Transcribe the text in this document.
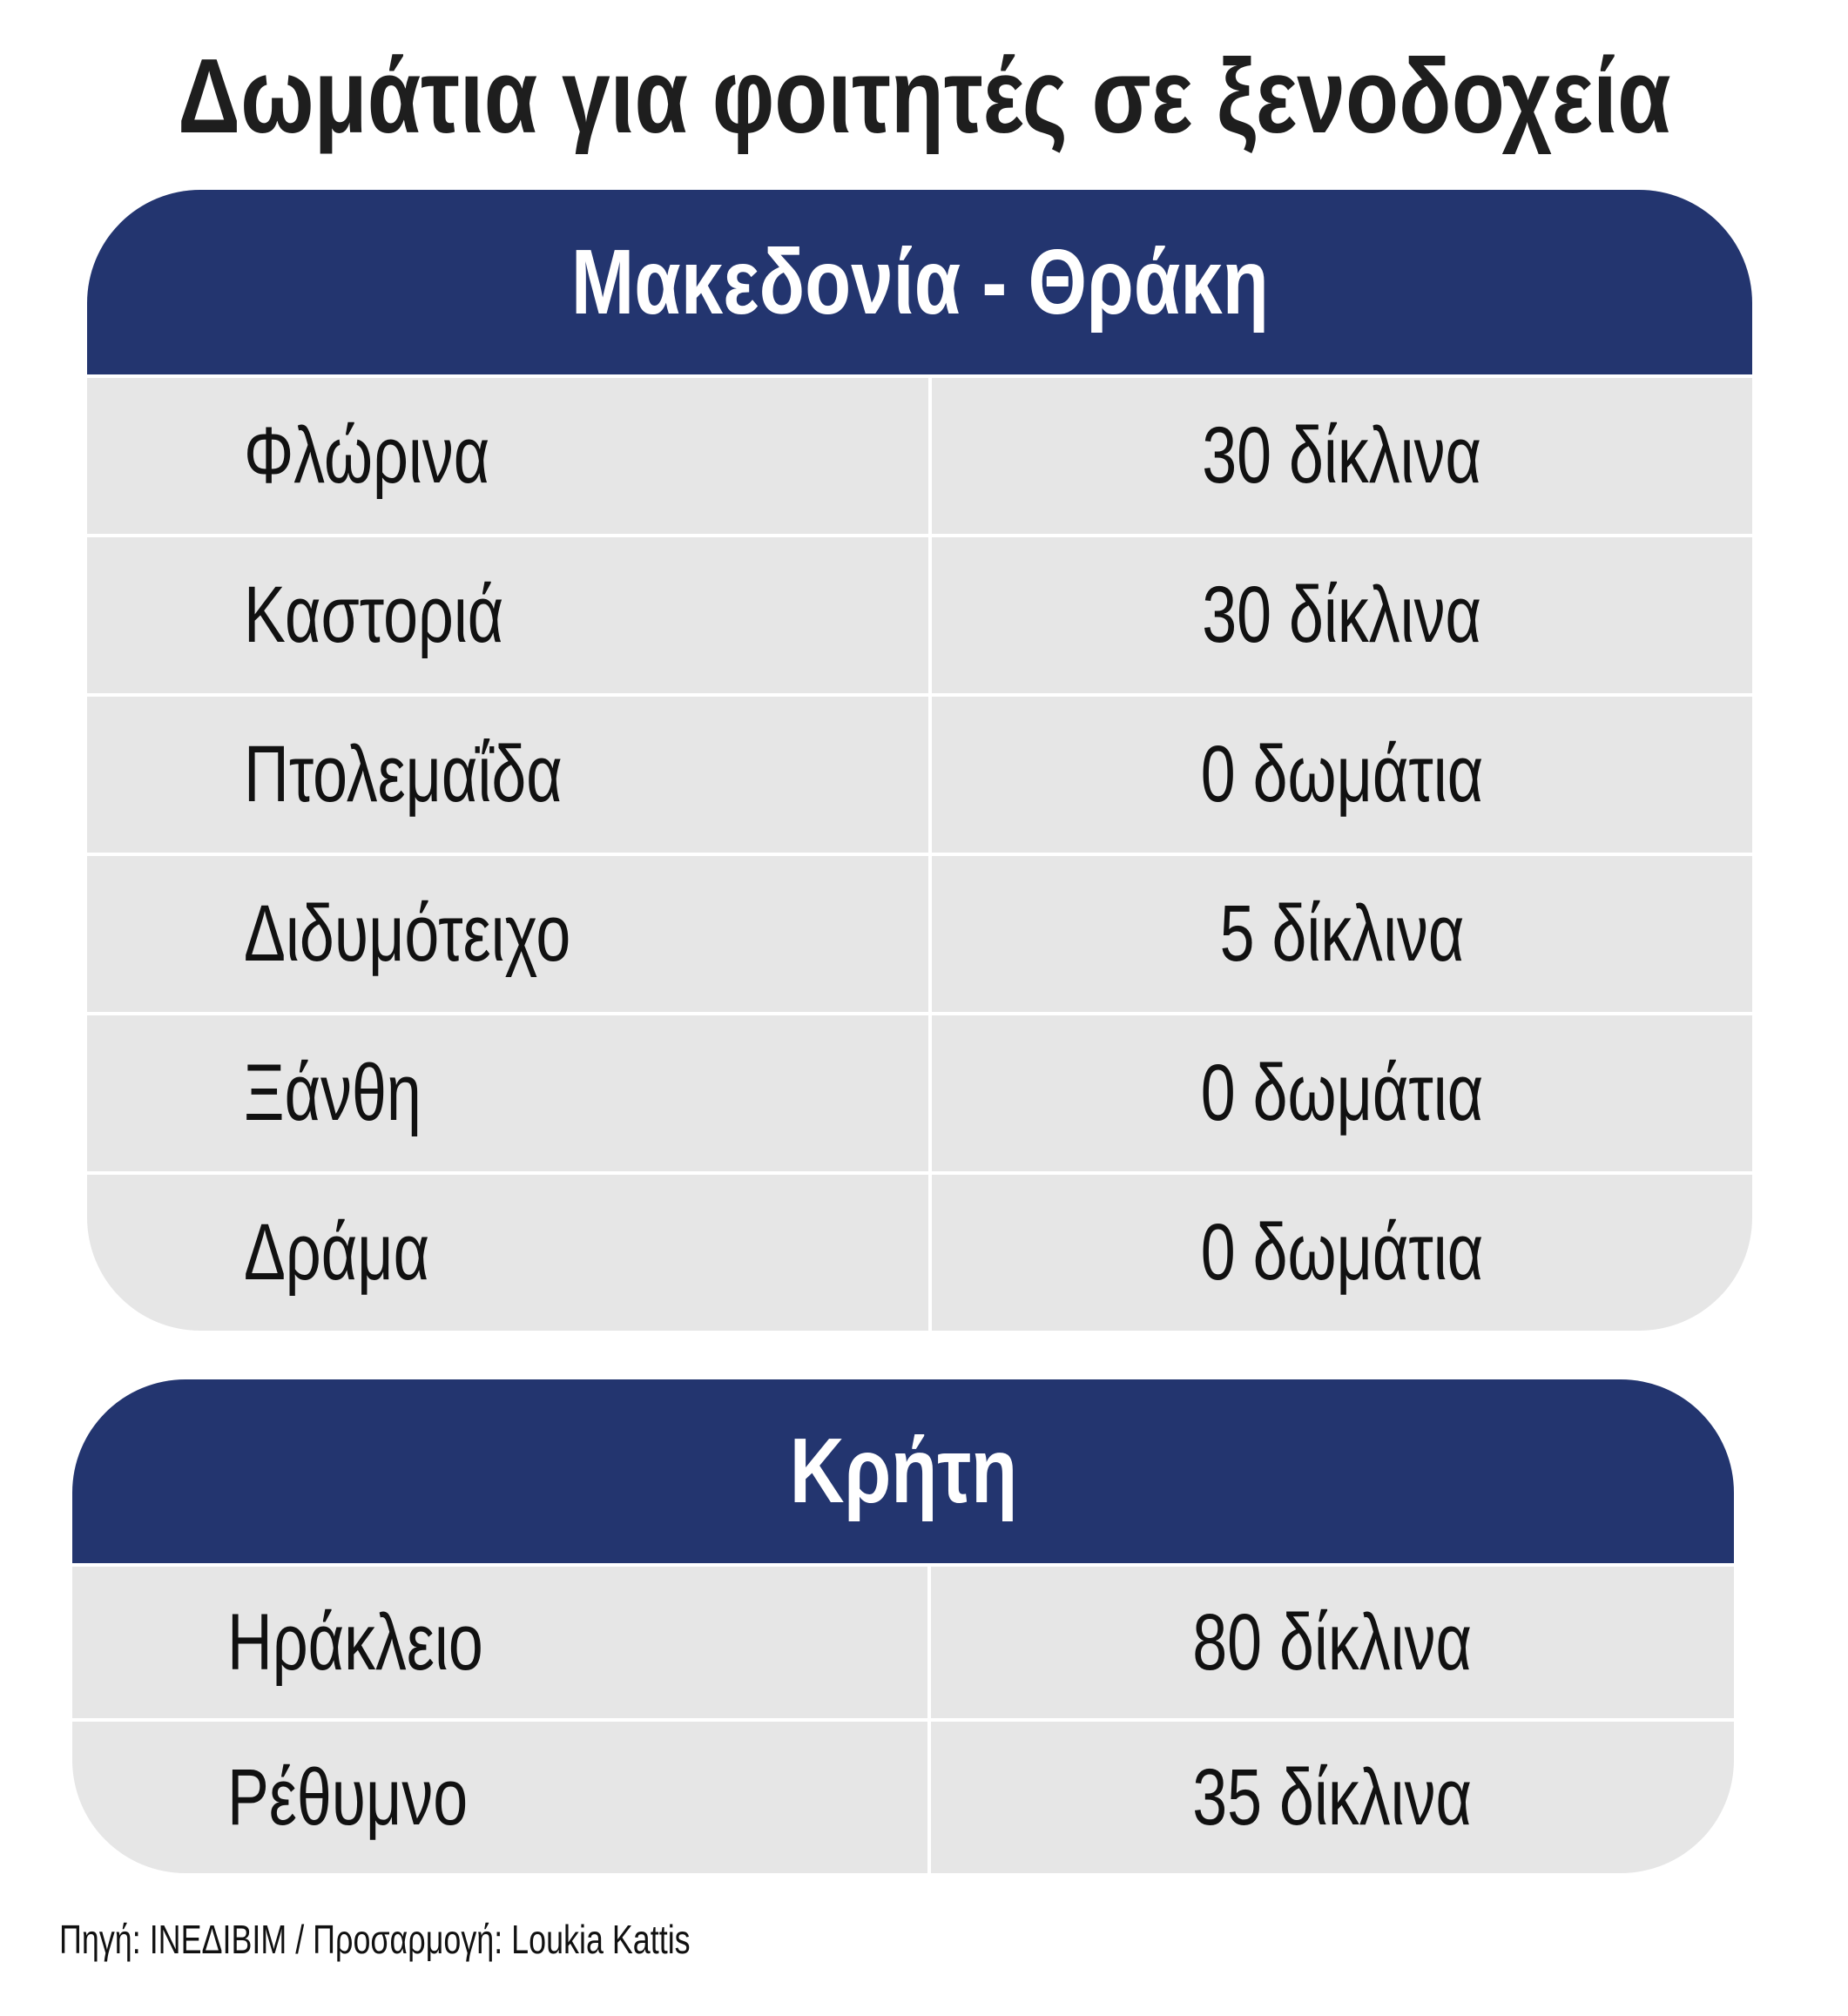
Δωμάτια για φοιτητές σε ξενοδοχεία
Μακεδονία - Θράκη
Φλώρινα	30 δίκλινα
Καστοριά	30 δίκλινα
Πτολεμαΐδα	0 δωμάτια
Διδυμότειχο	5 δίκλινα
Ξάνθη	0 δωμάτια
Δράμα	0 δωμάτια
Κρήτη
Ηράκλειο	80 δίκλινα
Ρέθυμνο	35 δίκλινα
Πηγή: ΙΝΕΔΙΒΙΜ / Προσαρμογή: Loukia Kattis
